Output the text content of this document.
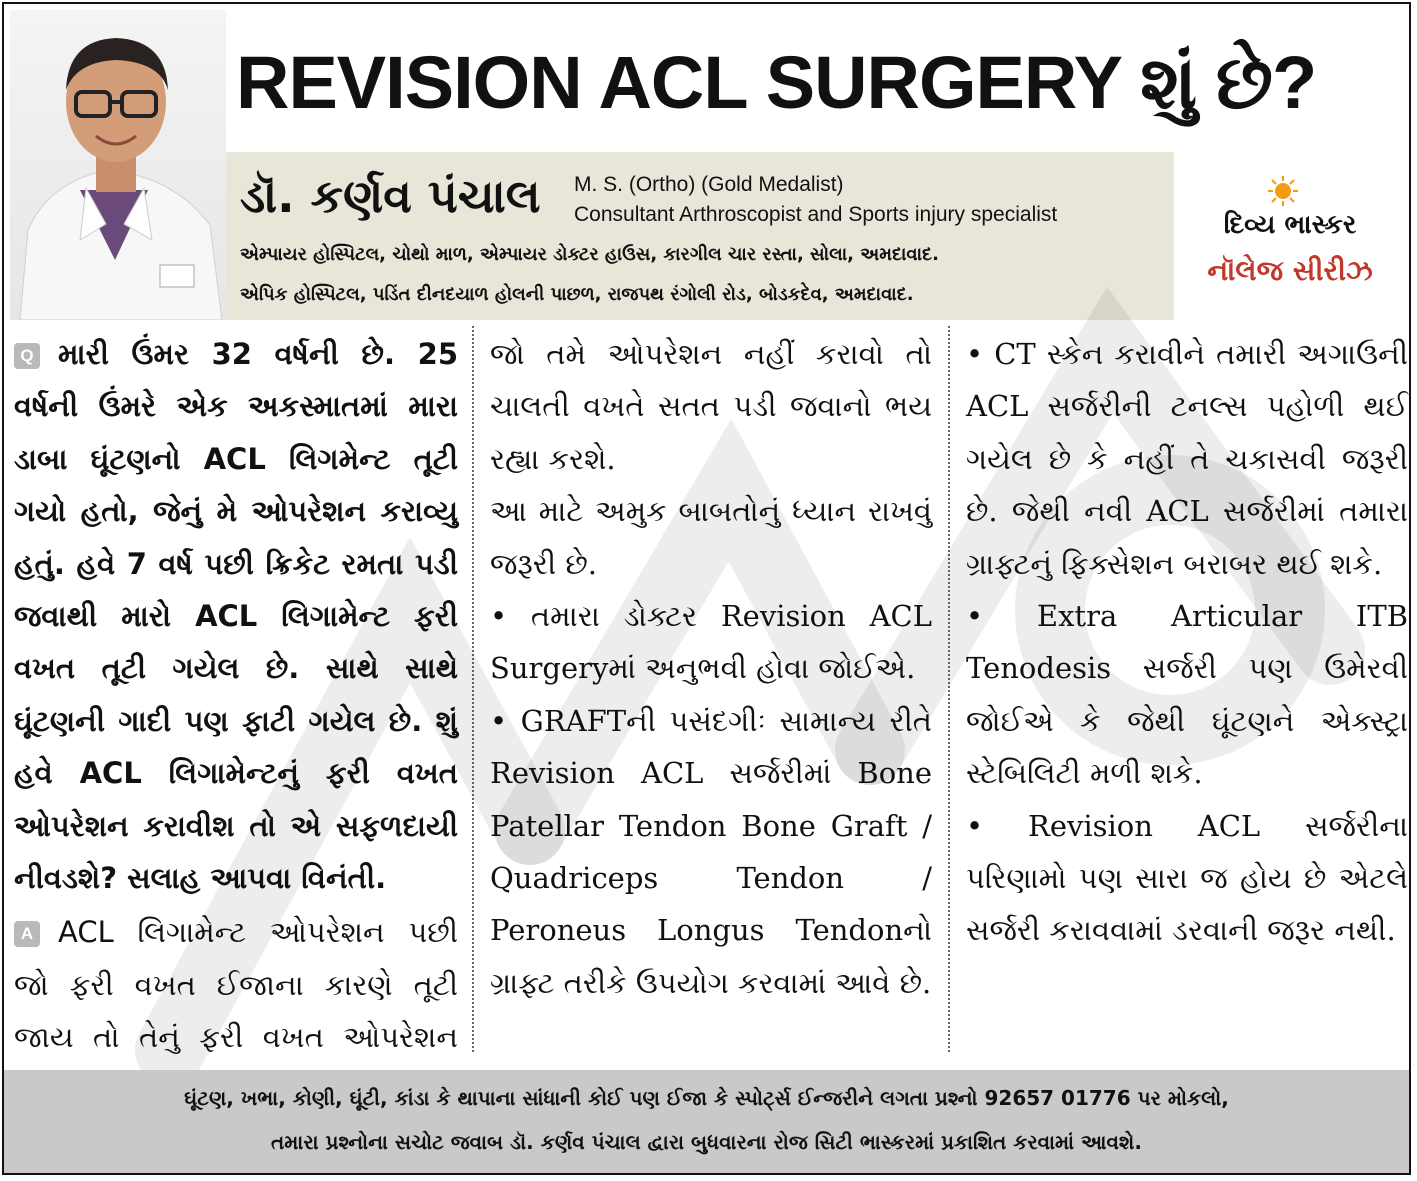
REVISION ACL SURGERY શું છે?
ડૉ. કર્ણવ પંચાલ M. S. (Ortho) (Gold Medalist)
Consultant Arthroscopist and Sports injury specialist
એમ્પાયર હોસ્પિટલ, ચોથો માળ, એમ્પાયર ડોક્ટર હાઉસ, કારગીલ ચાર રસ્તા, સોલા, અમદાવાદ.
એપિક હોસ્પિટલ, પડિંત દીનદયાળ હોલની પાછળ, રાજપથ રંગોલી રોડ, બોડકદેવ, અમદાવાદ.
દિવ્ય ભાસ્કર
નૉલેજ સીરીઝ

Q મારી ઉંમર 32 વર્ષની છે. 25 વર્ષની ઉંમરે એક અકસ્માતમાં મારા ડાબા ઘૂંટણનો ACL લિગમેન્ટ તૂટી ગયો હતો, જેનું મે ઓપરેશન કરાવ્યુ હતું. હવે 7 વર્ષ પછી ક્રિકેટ રમતા પડી જવાથી મારો ACL લિગામેન્ટ ફરી વખત તૂટી ગયેલ છે. સાથે સાથે ઘૂંટણની ગાદી પણ ફાટી ગયેલ છે. શું હવે ACL લિગામેન્ટનું ફરી વખત ઓપરેશન કરાવીશ તો એ સફળદાયી નીવડશે? સલાહ આપવા વિનંતી.

A ACL લિગામેન્ટ ઓપરેશન પછી જો ફરી વખત ઈજાના કારણે તૂટી જાય તો તેનું ફરી વખત ઓપરેશન

જો તમે ઓપરેશન નહીં કરાવો તો ચાલતી વખતે સતત પડી જવાનો ભય રહ્યા કરશે.

આ માટે અમુક બાબતોનું ધ્યાન રાખવું જરૂરી છે.

• તમારા ડોક્ટર Revision ACL Surgeryમાં અનુભવી હોવા જોઈએ.

• GRAFTની પસંદગીઃ સામાન્ય રીતે Revision ACL સર્જરીમાં Bone Patellar Tendon Bone Graft / Quadriceps Tendon / Peroneus Longus Tendonનો ગ્રાફ્ટ તરીકે ઉપયોગ કરવામાં આવે છે.

• CT સ્કેન કરાવીને તમારી અગાઉની ACL સર્જરીની ટનલ્સ પહોળી થઈ ગયેલ છે કે નહીં તે ચકાસવી જરૂરી છે. જેથી નવી ACL સર્જરીમાં તમારા ગ્રાફ્ટનું ફિક્સેશન બરાબર થઈ શકે.

• Extra Articular ITB Tenodesis સર્જરી પણ ઉમેરવી જોઈએ કે જેથી ઘૂંટણને એક્સ્ટ્રા સ્ટેબિલિટી મળી શકે.

• Revision ACL સર્જરીના પરિણામો પણ સારા જ હોય છે એટલે સર્જરી કરાવવામાં ડરવાની જરૂર નથી.

ઘૂંટણ, ખભા, કોણી, ઘૂંટી, કાંડા કે થાપાના સાંધાની કોઈ પણ ઈજા કે સ્પોર્ટ્સ ઈન્જરીને લગતા પ્રશ્નો 92657 01776 પર મોકલો,
તમારા પ્રશ્નોના સચોટ જવાબ ડૉ. કર્ણવ પંચાલ દ્વારા બુધવારના રોજ સિટી ભાસ્કરમાં પ્રકાશિત કરવામાં આવશે.
